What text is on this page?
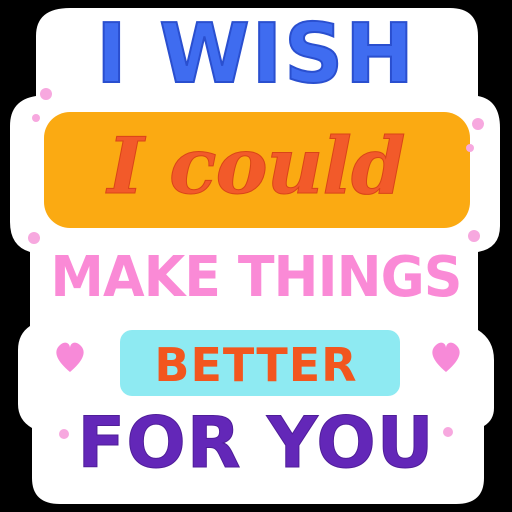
I WISH
I could
MAKE THINGS
BETTER
FOR YOU
